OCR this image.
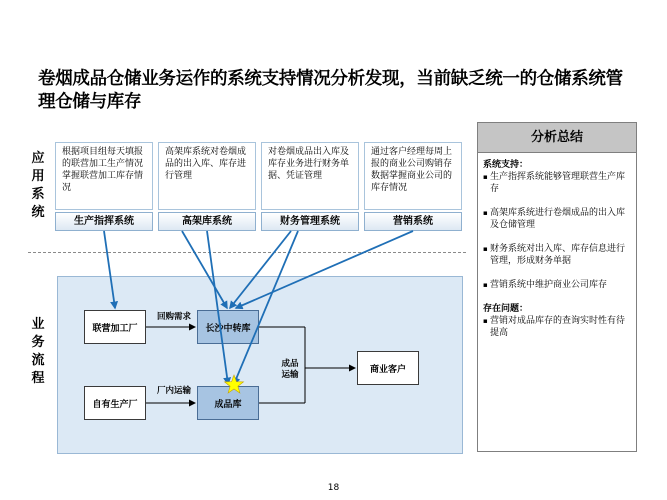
卷烟成品仓储业务运作的系统支持情况分析发现，当前缺乏统一的仓储系统管理仓储与库存
应用系统
业务流程
根据项目组每天填报的联营加工生产情况掌握联营加工库存情况
高架库系统对卷烟成品的出入库、库存进行管理
对卷烟成品出入库及库存业务进行财务单据、凭证管理
通过客户经理每周上报的商业公司购销存数据掌握商业公司的库存情况
生产指挥系统	高架库系统	财务管理系统	营销系统
联营加工厂	长沙中转库
自有生产厂	成品库
商业客户
回购需求
厂内运输
成品运输
分析总结
系统支持：
▪ 生产指挥系统能够管理联营生产库存
▪ 高架库系统进行卷烟成品的出入库及仓储管理
▪ 财务系统对出入库、库存信息进行管理，形成财务单据
▪ 营销系统中维护商业公司库存
存在问题：
▪ 营销对成品库存的查询实时性有待提高
18
